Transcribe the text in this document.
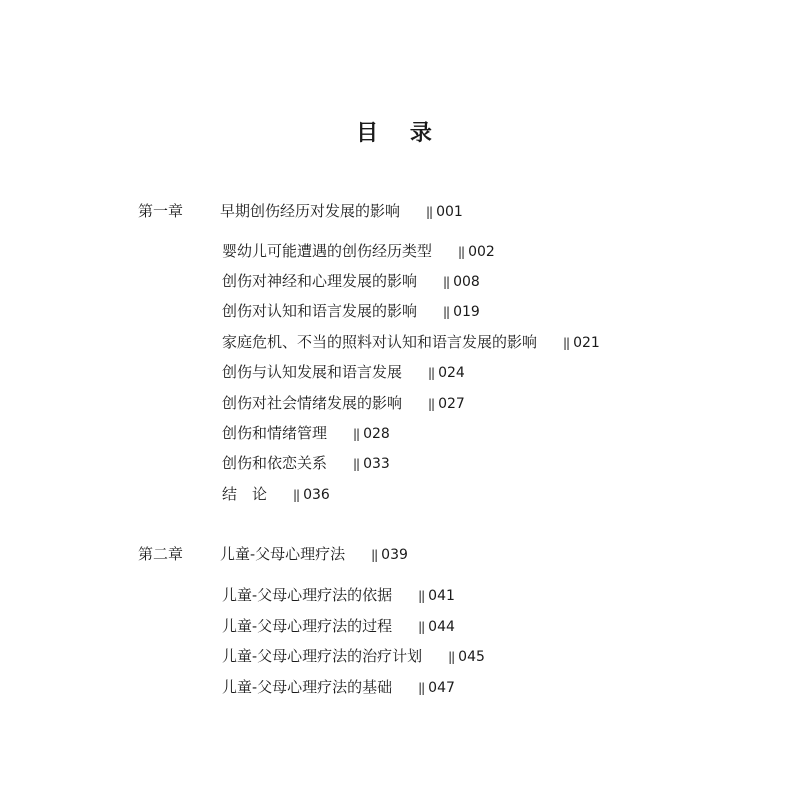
目 录
第一章 早期创伤经历对发展的影响 || 001
婴幼儿可能遭遇的创伤经历类型 || 002
创伤对神经和心理发展的影响 || 008
创伤对认知和语言发展的影响 || 019
家庭危机、不当的照料对认知和语言发展的影响 || 021
创伤与认知发展和语言发展 || 024
创伤对社会情绪发展的影响 || 027
创伤和情绪管理 || 028
创伤和依恋关系 || 033
结　论 || 036
第二章 儿童-父母心理疗法 || 039
儿童-父母心理疗法的依据 || 041
儿童-父母心理疗法的过程 || 044
儿童-父母心理疗法的治疗计划 || 045
儿童-父母心理疗法的基础 || 047
